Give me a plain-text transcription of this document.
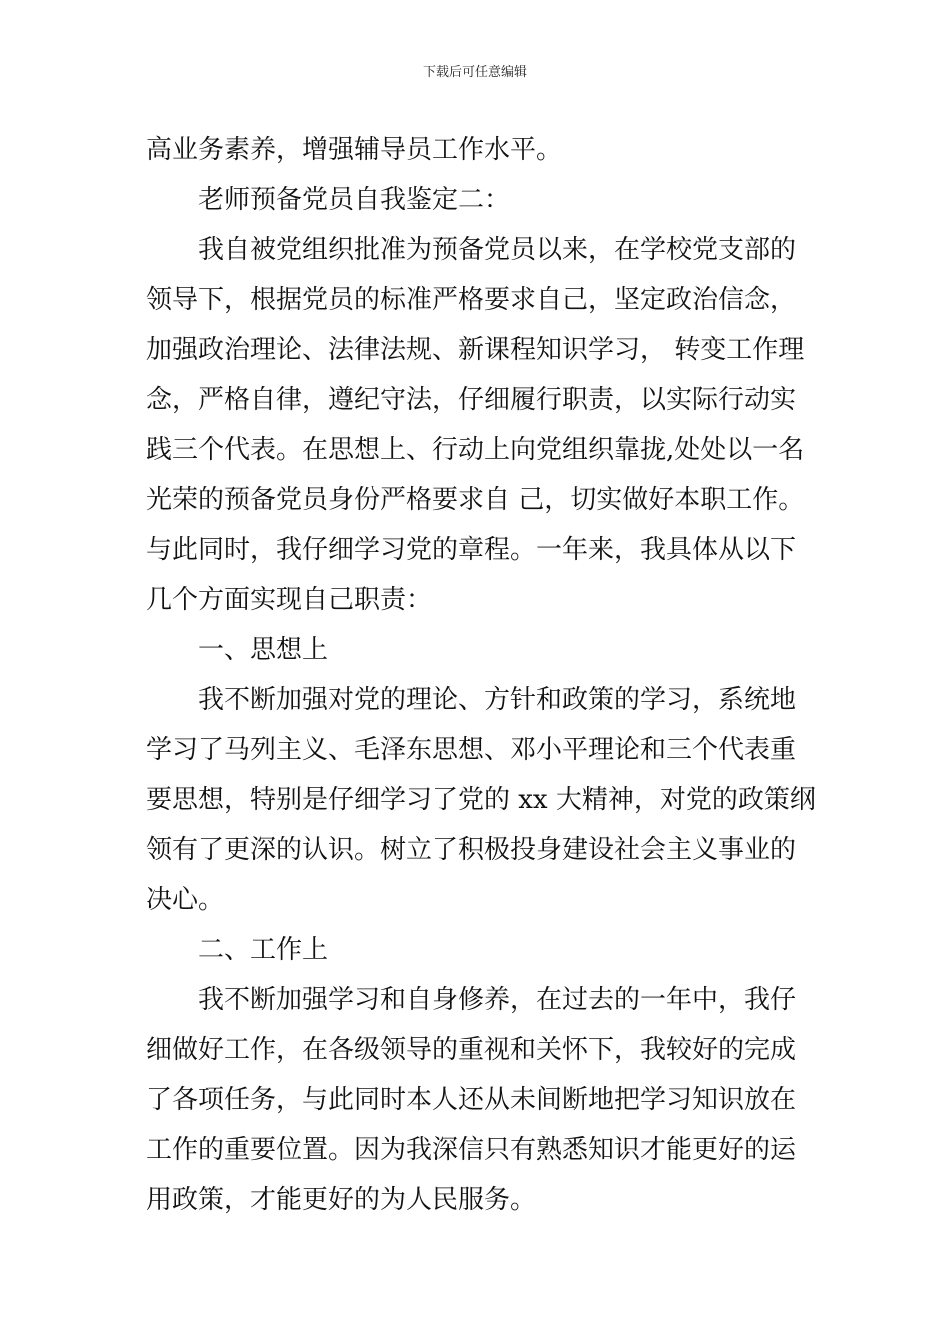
下载后可任意编辑
高业务素养，增强辅导员工作水平。
老师预备党员自我鉴定二：
我自被党组织批准为预备党员以来，在学校党支部的
领导下，根据党员的标准严格要求自己，坚定政治信念，
加强政治理论、法律法规、新课程知识学习， 转变工作理
念，严格自律，遵纪守法，仔细履行职责，以实际行动实
践三个代表。在思想上、行动上向党组织靠拢,处处以一名
光荣的预备党员身份严格要求自 己，切实做好本职工作。
与此同时，我仔细学习党的章程。一年来，我具体从以下
几个方面实现自己职责：
一、思想上
我不断加强对党的理论、方针和政策的学习，系统地
学习了马列主义、毛泽东思想、邓小平理论和三个代表重
要思想，特别是仔细学习了党的 xx 大精神，对党的政策纲
领有了更深的认识。树立了积极投身建设社会主义事业的
决心。
二、工作上
我不断加强学习和自身修养，在过去的一年中，我仔
细做好工作，在各级领导的重视和关怀下，我较好的完成
了各项任务，与此同时本人还从未间断地把学习知识放在
工作的重要位置。因为我深信只有熟悉知识才能更好的运
用政策，才能更好的为人民服务。
